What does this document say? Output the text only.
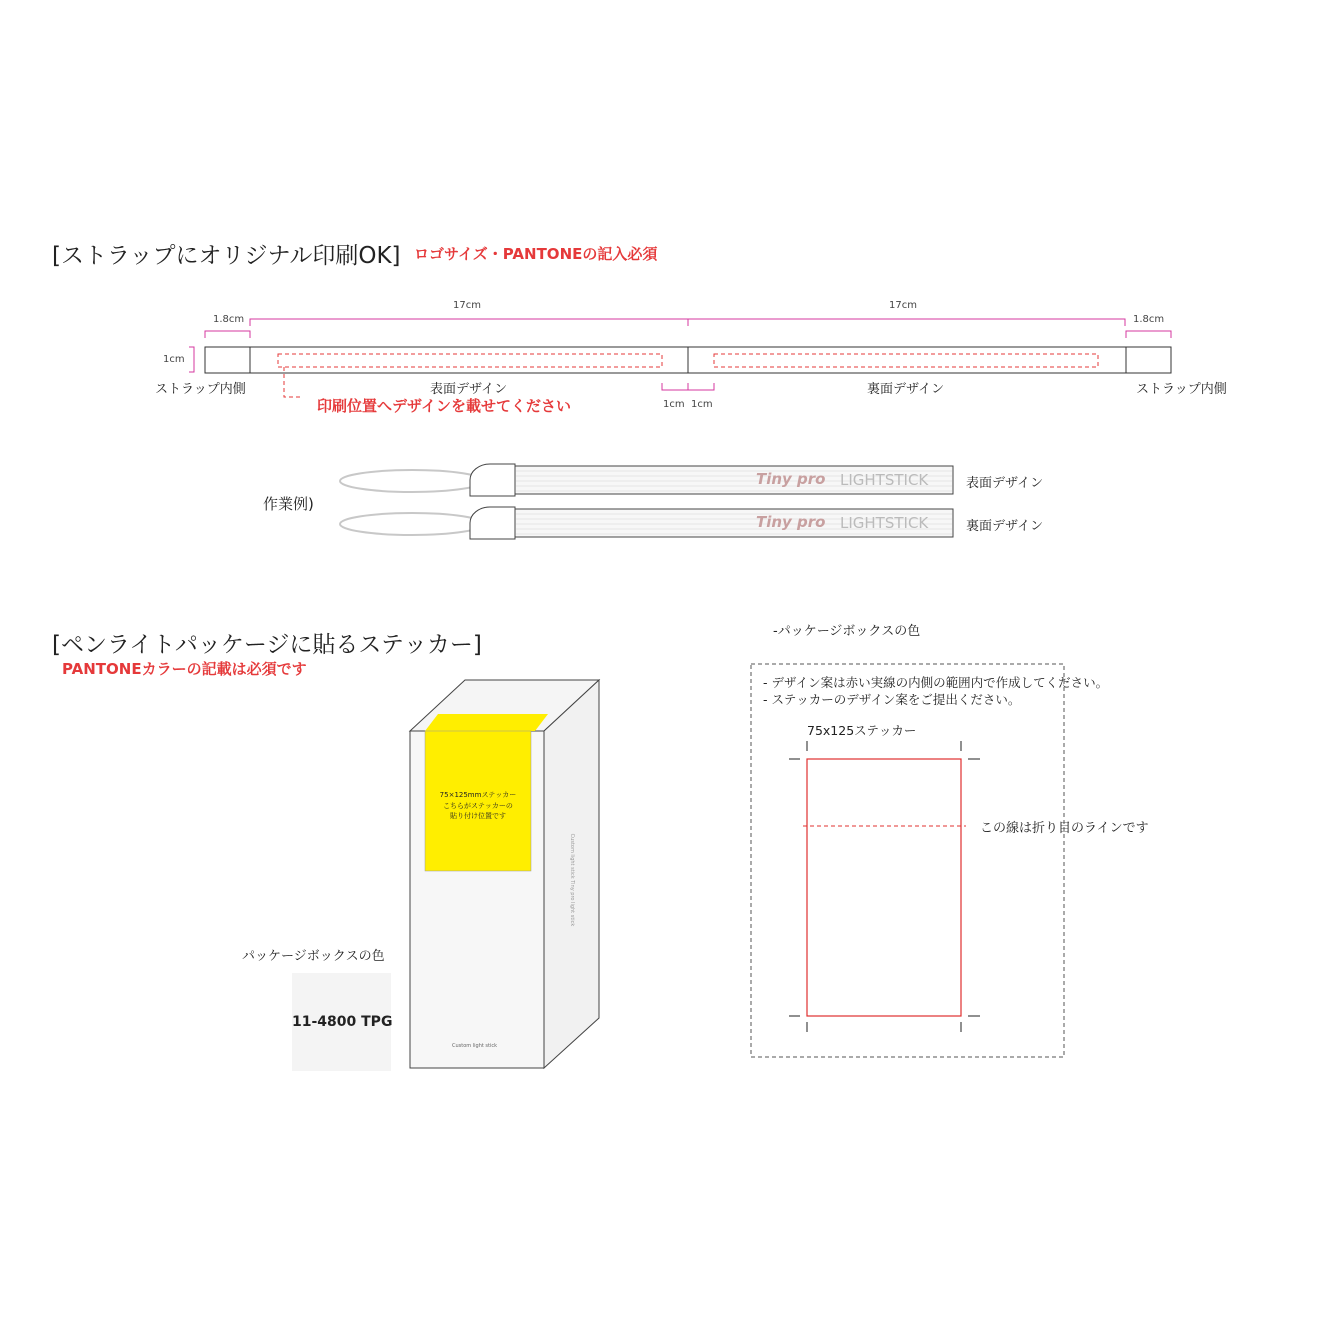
[ストラップにオリジナル印刷OK] ロゴサイズ・PANTONEの記入必須
1.8cm
17cm	17cm
1.8cm
1cm
ストラップ内側	表面デザイン	裏面デザイン	ストラップ内側
印刷位置へデザインを載せてください	1cm 1cm
作業例)
Tiny pro LIGHTSTICK	表面デザイン
Tiny pro LIGHTSTICK	裏面デザイン
[ペンライトパッケージに貼るステッカー]
PANTONEカラーの記載は必須です
75×125mmステッカー
こちらがステッカーの
貼り付け位置です
Custom light stick Tiny pro light stick
Custom light stick
パッケージボックスの色
11-4800 TPG
-パッケージボックスの色
- デザイン案は赤い実線の内側の範囲内で作成してください。
- ステッカーのデザイン案をご提出ください。
75x125ステッカー
この線は折り目のラインです
